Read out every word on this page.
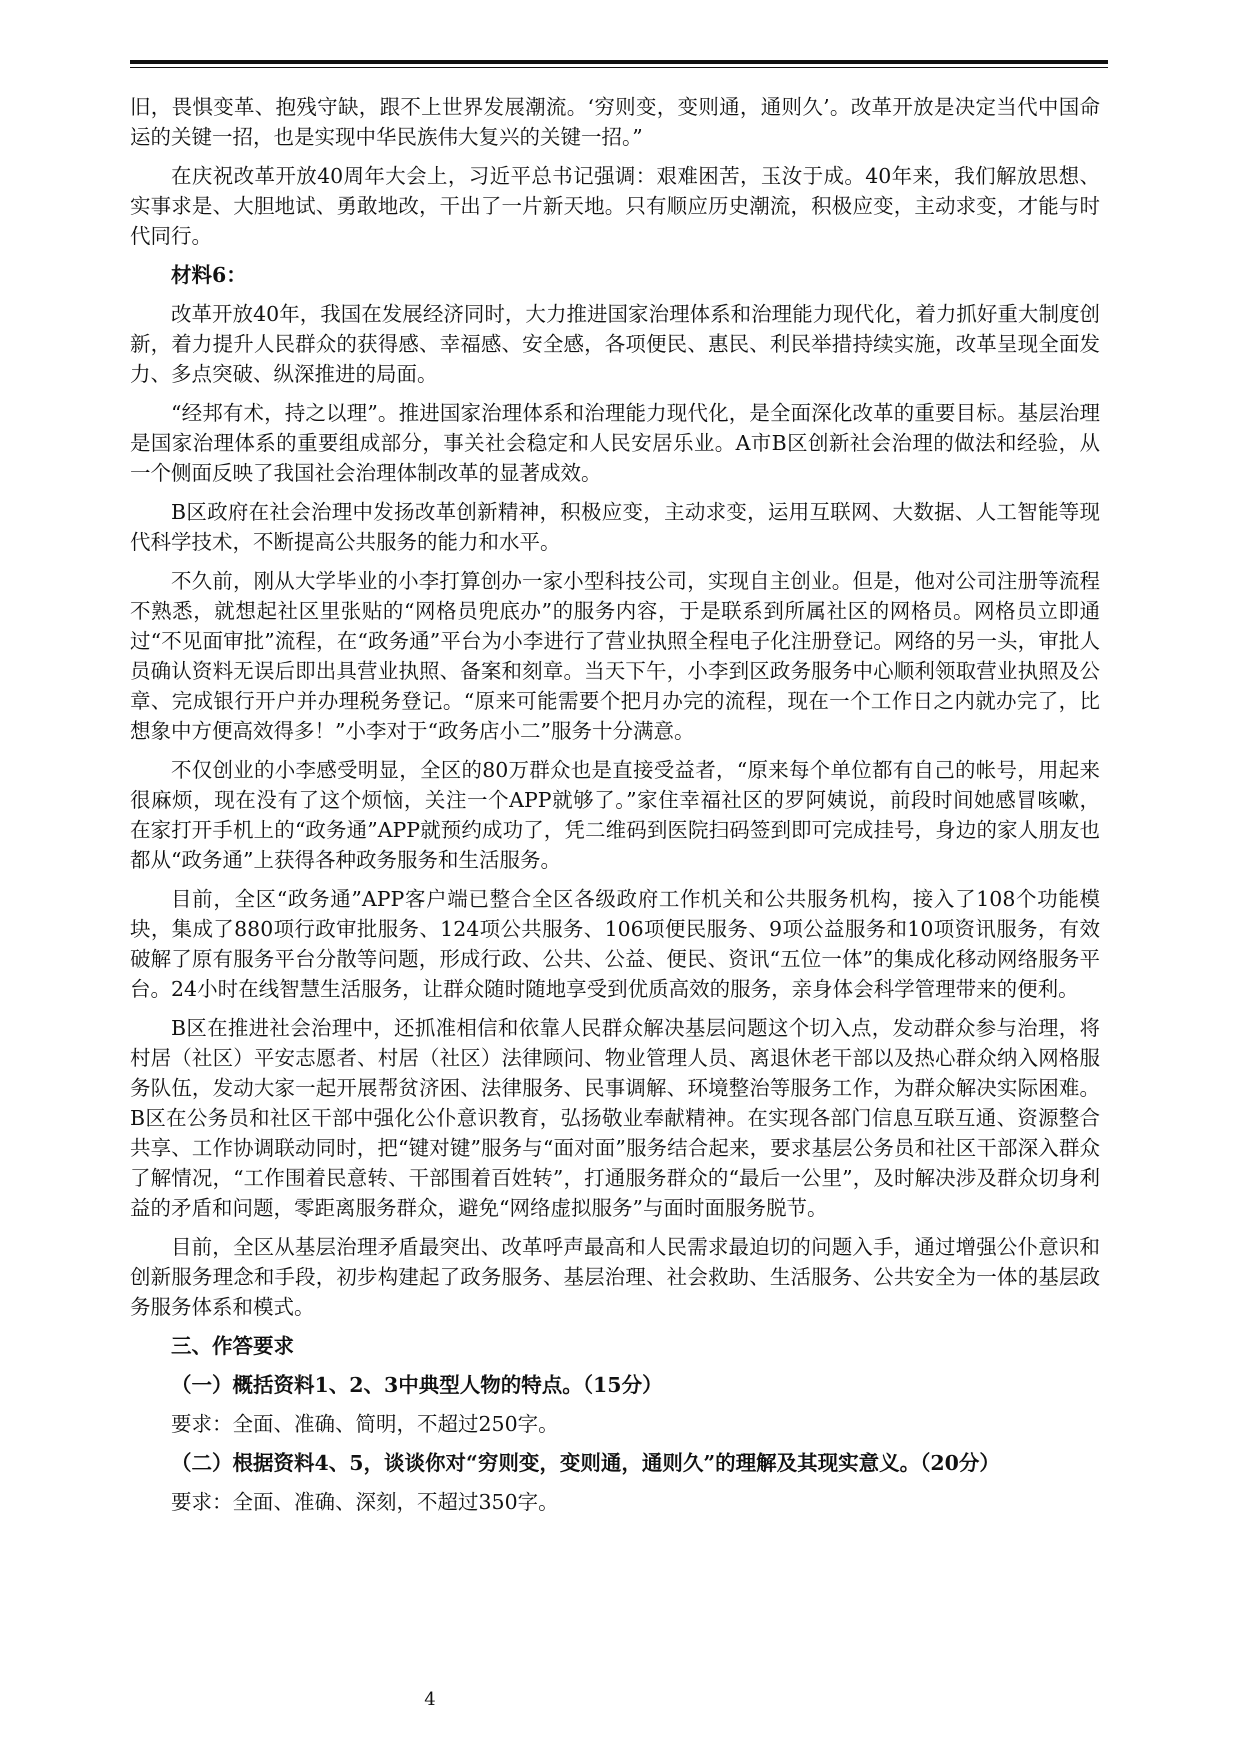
旧，畏惧变革、抱残守缺，跟不上世界发展潮流。‘穷则变，变则通，通则久’。改革开放是决定当代中国命运的关键一招，也是实现中华民族伟大复兴的关键一招。”

在庆祝改革开放40周年大会上，习近平总书记强调：艰难困苦，玉汝于成。40年来，我们解放思想、实事求是、大胆地试、勇敢地改，干出了一片新天地。只有顺应历史潮流，积极应变，主动求变，才能与时代同行。

材料6：

改革开放40年，我国在发展经济同时，大力推进国家治理体系和治理能力现代化，着力抓好重大制度创新，着力提升人民群众的获得感、幸福感、安全感，各项便民、惠民、利民举措持续实施，改革呈现全面发力、多点突破、纵深推进的局面。

“经邦有术，持之以理”。推进国家治理体系和治理能力现代化，是全面深化改革的重要目标。基层治理是国家治理体系的重要组成部分，事关社会稳定和人民安居乐业。A市B区创新社会治理的做法和经验，从一个侧面反映了我国社会治理体制改革的显著成效。

B区政府在社会治理中发扬改革创新精神，积极应变，主动求变，运用互联网、大数据、人工智能等现代科学技术，不断提高公共服务的能力和水平。

不久前，刚从大学毕业的小李打算创办一家小型科技公司，实现自主创业。但是，他对公司注册等流程不熟悉，就想起社区里张贴的“网格员兜底办”的服务内容，于是联系到所属社区的网格员。网格员立即通过“不见面审批”流程，在“政务通”平台为小李进行了营业执照全程电子化注册登记。网络的另一头，审批人员确认资料无误后即出具营业执照、备案和刻章。当天下午，小李到区政务服务中心顺利领取营业执照及公章、完成银行开户并办理税务登记。“原来可能需要个把月办完的流程，现在一个工作日之内就办完了，比想象中方便高效得多！”小李对于“政务店小二”服务十分满意。

不仅创业的小李感受明显，全区的80万群众也是直接受益者，“原来每个单位都有自己的帐号，用起来很麻烦，现在没有了这个烦恼，关注一个APP就够了。”家住幸福社区的罗阿姨说，前段时间她感冒咳嗽， 在家打开手机上的“政务通”APP就预约成功了，凭二维码到医院扫码签到即可完成挂号，身边的家人朋友也都从“政务通”上获得各种政务服务和生活服务。

目前，全区“政务通”APP客户端已整合全区各级政府工作机关和公共服务机构，接入了108个功能模块，集成了880项行政审批服务、124项公共服务、106项便民服务、9项公益服务和10项资讯服务，有效破解了原有服务平台分散等问题，形成行政、公共、公益、便民、资讯“五位一体”的集成化移动网络服务平台。24小时在线智慧生活服务，让群众随时随地享受到优质高效的服务，亲身体会科学管理带来的便利。

B区在推进社会治理中，还抓准相信和依靠人民群众解决基层问题这个切入点，发动群众参与治理，将村居（社区）平安志愿者、村居（社区）法律顾问、物业管理人员、离退休老干部以及热心群众纳入网格服务队伍，发动大家一起开展帮贫济困、法律服务、民事调解、环境整治等服务工作，为群众解决实际困难。 B区在公务员和社区干部中强化公仆意识教育，弘扬敬业奉献精神。在实现各部门信息互联互通、资源整合共享、工作协调联动同时，把“键对键”服务与“面对面”服务结合起来，要求基层公务员和社区干部深入群众了解情况，“工作围着民意转、干部围着百姓转”，打通服务群众的“最后一公里”，及时解决涉及群众切身利益的矛盾和问题，零距离服务群众，避免“网络虚拟服务”与面时面服务脱节。

目前，全区从基层治理矛盾最突出、改革呼声最高和人民需求最迫切的问题入手，通过增强公仆意识和创新服务理念和手段，初步构建起了政务服务、基层治理、社会救助、生活服务、公共安全为一体的基层政务服务体系和模式。

三、作答要求
（一）概括资料1、2、3中典型人物的特点。（15分）

要求：全面、准确、简明，不超过250字。

（二）根据资料4、5，谈谈你对“穷则变，变则通，通则久”的理解及其现实意义。（20分）

要求：全面、准确、深刻，不超过350字。

4
